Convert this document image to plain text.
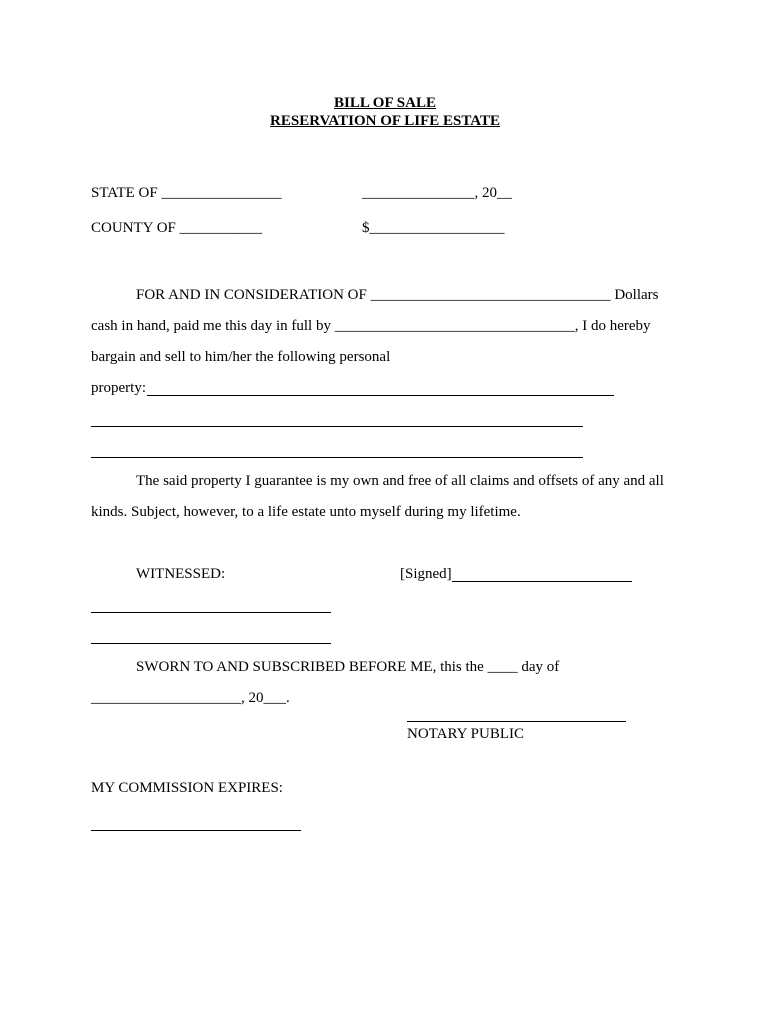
BILL OF SALE
RESERVATION OF LIFE ESTATE
STATE OF ________________	_______________, 20__
COUNTY OF ___________	$__________________
FOR AND IN CONSIDERATION OF ________________________________ Dollars
cash in hand, paid me this day in full by ________________________________, I do hereby
bargain and sell to him/her the following personal
property:
The said property I guarantee is my own and free of all claims and offsets of any and all
kinds. Subject, however, to a life estate unto myself during my lifetime.
WITNESSED:	[Signed]
SWORN TO AND SUBSCRIBED BEFORE ME, this the ____ day of
____________________, 20___.
NOTARY PUBLIC
MY COMMISSION EXPIRES:
